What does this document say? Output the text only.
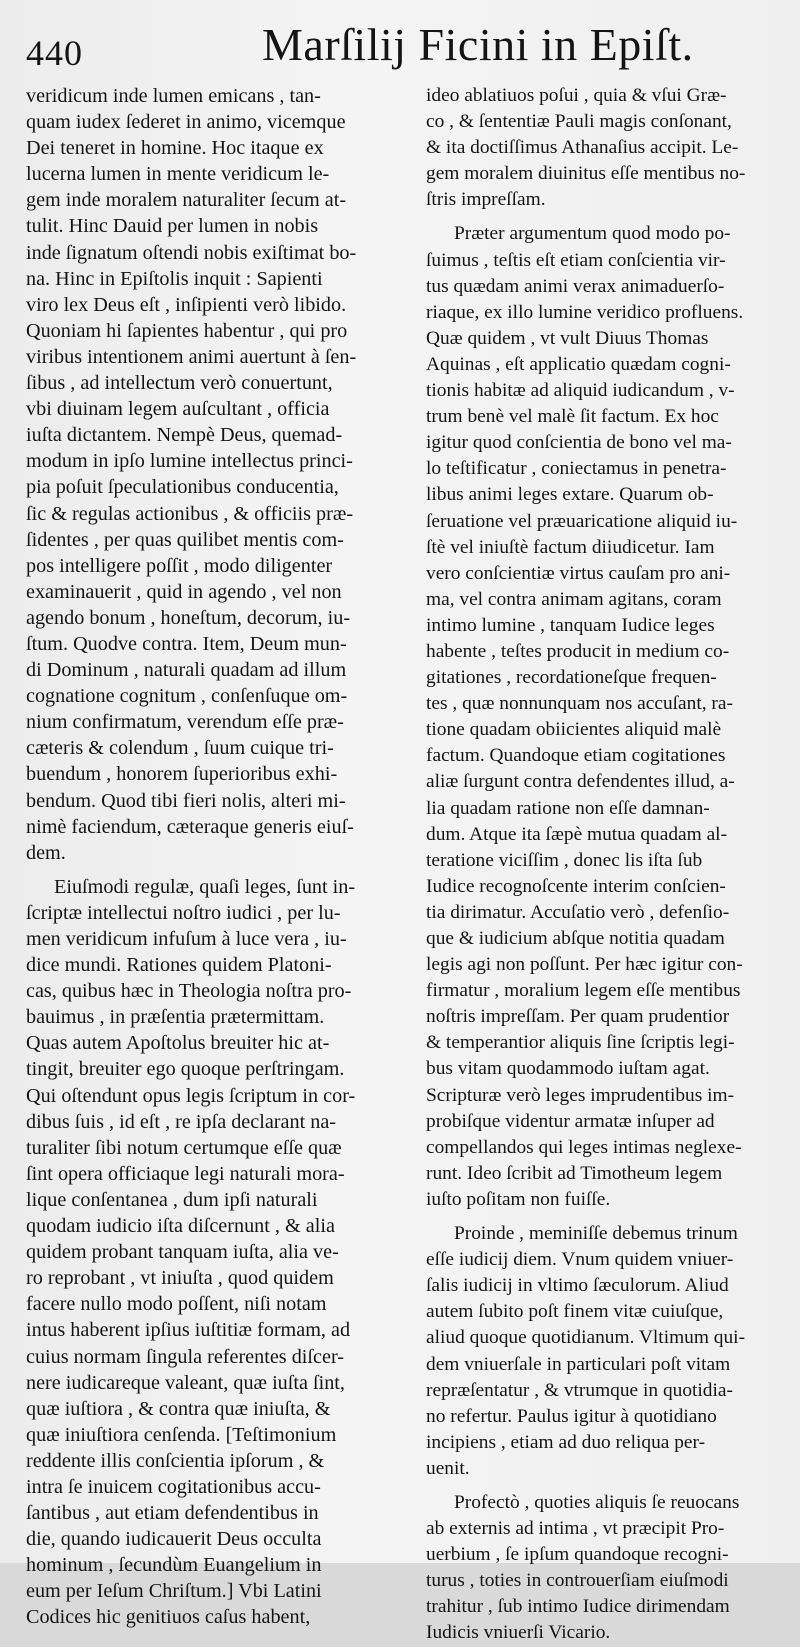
440	Marſilij Ficini in Epiſt.
veridicum inde lumen emicans , tan-
quam iudex ſederet in animo, vicemque
Dei teneret in homine. Hoc itaque ex
lucerna lumen in mente veridicum le-
gem inde moralem naturaliter ſecum at-
tulit. Hinc Dauid per lumen in nobis
inde ſignatum oſtendi nobis exiſtimat bo-
na. Hinc in Epiſtolis inquit : Sapienti
viro lex Deus eſt , inſipienti verò libido.
Quoniam hi ſapientes habentur , qui pro
viribus intentionem animi auertunt à ſen-
ſibus , ad intellectum verò conuertunt,
vbi diuinam legem auſcultant , officia
iuſta dictantem. Nempè Deus, quemad-
modum in ipſo lumine intellectus princi-
pia poſuit ſpeculationibus conducentia,
ſic & regulas actionibus , & officiis præ-
ſidentes , per quas quilibet mentis com-
pos intelligere poſſit , modo diligenter
examinauerit , quid in agendo , vel non
agendo bonum , honeſtum, decorum, iu-
ſtum. Quodve contra. Item, Deum mun-
di Dominum , naturali quadam ad illum
cognatione cognitum , conſenſuque om-
nium confirmatum, verendum eſſe præ-
cæteris & colendum , ſuum cuique tri-
buendum , honorem ſuperioribus exhi-
bendum. Quod tibi fieri nolis, alteri mi-
nimè faciendum, cæteraque generis eiuſ-
dem.
Eiuſmodi regulæ, quaſi leges, ſunt in-
ſcriptæ intellectui noſtro iudici , per lu-
men veridicum infuſum à luce vera , iu-
dice mundi. Rationes quidem Platoni-
cas, quibus hæc in Theologia noſtra pro-
bauimus , in præſentia prætermittam.
Quas autem Apoſtolus breuiter hic at-
tingit, breuiter ego quoque perſtringam.
Qui oſtendunt opus legis ſcriptum in cor-
dibus ſuis , id eſt , re ipſa declarant na-
turaliter ſibi notum certumque eſſe quæ
ſint opera officiaque legi naturali mora-
lique conſentanea , dum ipſi naturali
quodam iudicio iſta diſcernunt , & alia
quidem probant tanquam iuſta, alia ve-
ro reprobant , vt iniuſta , quod quidem
facere nullo modo poſſent, niſi notam
intus haberent ipſius iuſtitiæ formam, ad
cuius normam ſingula referentes diſcer-
nere iudicareque valeant, quæ iuſta ſint,
quæ iuſtiora , & contra quæ iniuſta, &
quæ iniuſtiora cenſenda. [Teſtimonium
reddente illis conſcientia ipſorum , &
intra ſe inuicem cogitationibus accu-
ſantibus , aut etiam defendentibus in
die, quando iudicauerit Deus occulta
hominum , ſecundùm Euangelium in
eum per Ieſum Chriſtum.] Vbi Latini
Codices hic genitiuos caſus habent,
ideo ablatiuos poſui , quia & vſui Græ-
co , & ſententiæ Pauli magis conſonant,
& ita doctiſſimus Athanaſius accipit. Le-
gem moralem diuinitus eſſe mentibus no-
ſtris impreſſam.
Præter argumentum quod modo po-
ſuimus , teſtis eſt etiam conſcientia vir-
tus quædam animi verax animaduerſo-
riaque, ex illo lumine veridico profluens.
Quæ quidem , vt vult Diuus Thomas
Aquinas , eſt applicatio quædam cogni-
tionis habitæ ad aliquid iudicandum , v-
trum benè vel malè ſit factum. Ex hoc
igitur quod conſcientia de bono vel ma-
lo teſtificatur , coniectamus in penetra-
libus animi leges extare. Quarum ob-
ſeruatione vel præuaricatione aliquid iu-
ſtè vel iniuſtè factum diiudicetur. Iam
vero conſcientiæ virtus cauſam pro ani-
ma, vel contra animam agitans, coram
intimo lumine , tanquam Iudice leges
habente , teſtes producit in medium co-
gitationes , recordationeſque frequen-
tes , quæ nonnunquam nos accuſant, ra-
tione quadam obiicientes aliquid malè
factum. Quandoque etiam cogitationes
aliæ ſurgunt contra defendentes illud, a-
lia quadam ratione non eſſe damnan-
dum. Atque ita ſæpè mutua quadam al-
teratione viciſſim , donec lis iſta ſub
Iudice recognoſcente interim conſcien-
tia dirimatur. Accuſatio verò , defenſio-
que & iudicium abſque notitia quadam
legis agi non poſſunt. Per hæc igitur con-
firmatur , moralium legem eſſe mentibus
noſtris impreſſam. Per quam prudentior
& temperantior aliquis ſine ſcriptis legi-
bus vitam quodammodo iuſtam agat.
Scripturæ verò leges imprudentibus im-
probiſque videntur armatæ inſuper ad
compellandos qui leges intimas neglexe-
runt. Ideo ſcribit ad Timotheum legem
iuſto poſitam non fuiſſe.
Proinde , meminiſſe debemus trinum
eſſe iudicij diem. Vnum quidem vniuer-
ſalis iudicij in vltimo ſæculorum. Aliud
autem ſubito poſt finem vitæ cuiuſque,
aliud quoque quotidianum. Vltimum qui-
dem vniuerſale in particulari poſt vitam
repræſentatur , & vtrumque in quotidia-
no refertur. Paulus igitur à quotidiano
incipiens , etiam ad duo reliqua per-
uenit.
Profectò , quoties aliquis ſe reuocans
ab externis ad intima , vt præcipit Pro-
uerbium , ſe ipſum quandoque recogni-
turus , toties in controuerſiam eiuſmodi
trahitur , ſub intimo Iudice dirimendam
Iudicis vniuerſi Vicario.
